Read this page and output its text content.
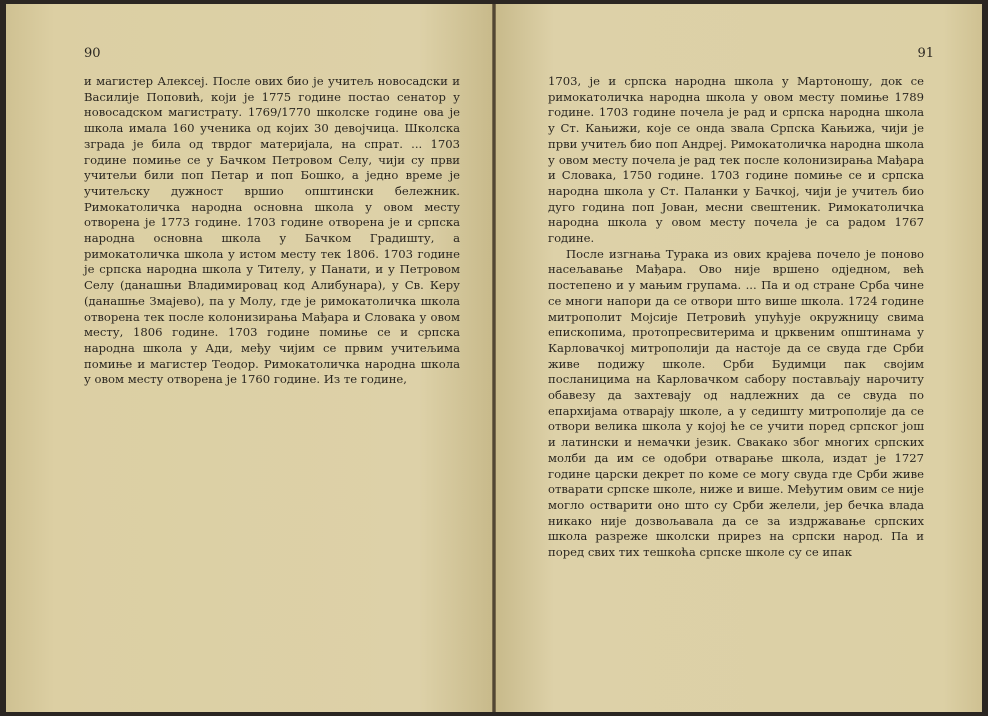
90

и магистер Алексеј. После ових био је учитељ новосадски и Василије Поповић, који је 1775 године постао сенатор у новосадском магистрату. 1769/1770 школске године ова је школа имала 160 ученика од којих 30 девојчица. Школска зграда је била од тврдог материјала, на спрат. ... 1703 године помиње се у Бачком Петровом Селу, чији су први учитељи били поп Петар и поп Бошко, а једно време је учитељску дужност вршио општински бележник. Римокатоличка народна основна школа у овом месту отворена је 1773 године. 1703 године отворена је и српска народна основна школа у Бачком Градишту, а римокатоличка школа у истом месту тек 1806. 1703 године је српска народна школа у Тителу, у Панати, и у Петровом Селу (данашњи Владимировац код Алибунара), у Св. Керу (данашње Змајево), па у Молу, где је римокатоличка школа отворена тек после колонизирања Мађара и Словака у овом месту, 1806 године. 1703 године помиње се и српска народна школа у Ади, међу чијим се првим учитељима помиње и магистер Теодор. Римокатоличка народна школа у овом месту отворена је 1760 године. Из те године,

91

1703, је и српска народна школа у Мартоношу, док се римокатоличка народна школа у овом месту помиње 1789 године. 1703 године почела је рад и српска народна школа у Ст. Кањижи, које се онда звала Српска Кањижа, чији је први учитељ био поп Андреј. Римокатоличка народна школа у овом месту почела је рад тек после колонизирања Мађара и Словака, 1750 године. 1703 године помиње се и српска народна школа у Ст. Паланки у Бачкој, чији је учитељ био дуго година поп Јован, месни свештеник. Римокатоличка народна школа у овом месту почела је са радом 1767 године.

После изгнања Турака из ових крајева почело је поново насељавање Мађара. Ово није вршено одједном, већ постепено и у мањим групама. ... Па и од стране Срба чине се многи напори да се отвори што више школа. 1724 године митрополит Мојсије Петровић упућује окружницу свима епископима, протопресвитерима и црквеним општинама у Карловачкој митрополији да настоје да се свуда где Срби живе подижу школе. Срби Будимци пак својим посланицима на Карловачком сабору постављају нарочиту обавезу да захтевају од надлежних да се свуда по епархијама отварају школе, а у седишту митрополије да се отвори велика школа у којој ће се учити поред српског још и латински и немачки језик. Свакако због многих српских молби да им се одобри отварање школа, издат је 1727 године царски декрет по коме се могу свуда где Срби живе отварати српске школе, ниже и више. Међутим овим се није могло остварити оно што су Срби желели, јер бечка влада никако није дозвољавала да се за издржавање српских школа разреже школски прирез на српски народ. Па и поред свих тих тешкоћа српске школе су се ипак
